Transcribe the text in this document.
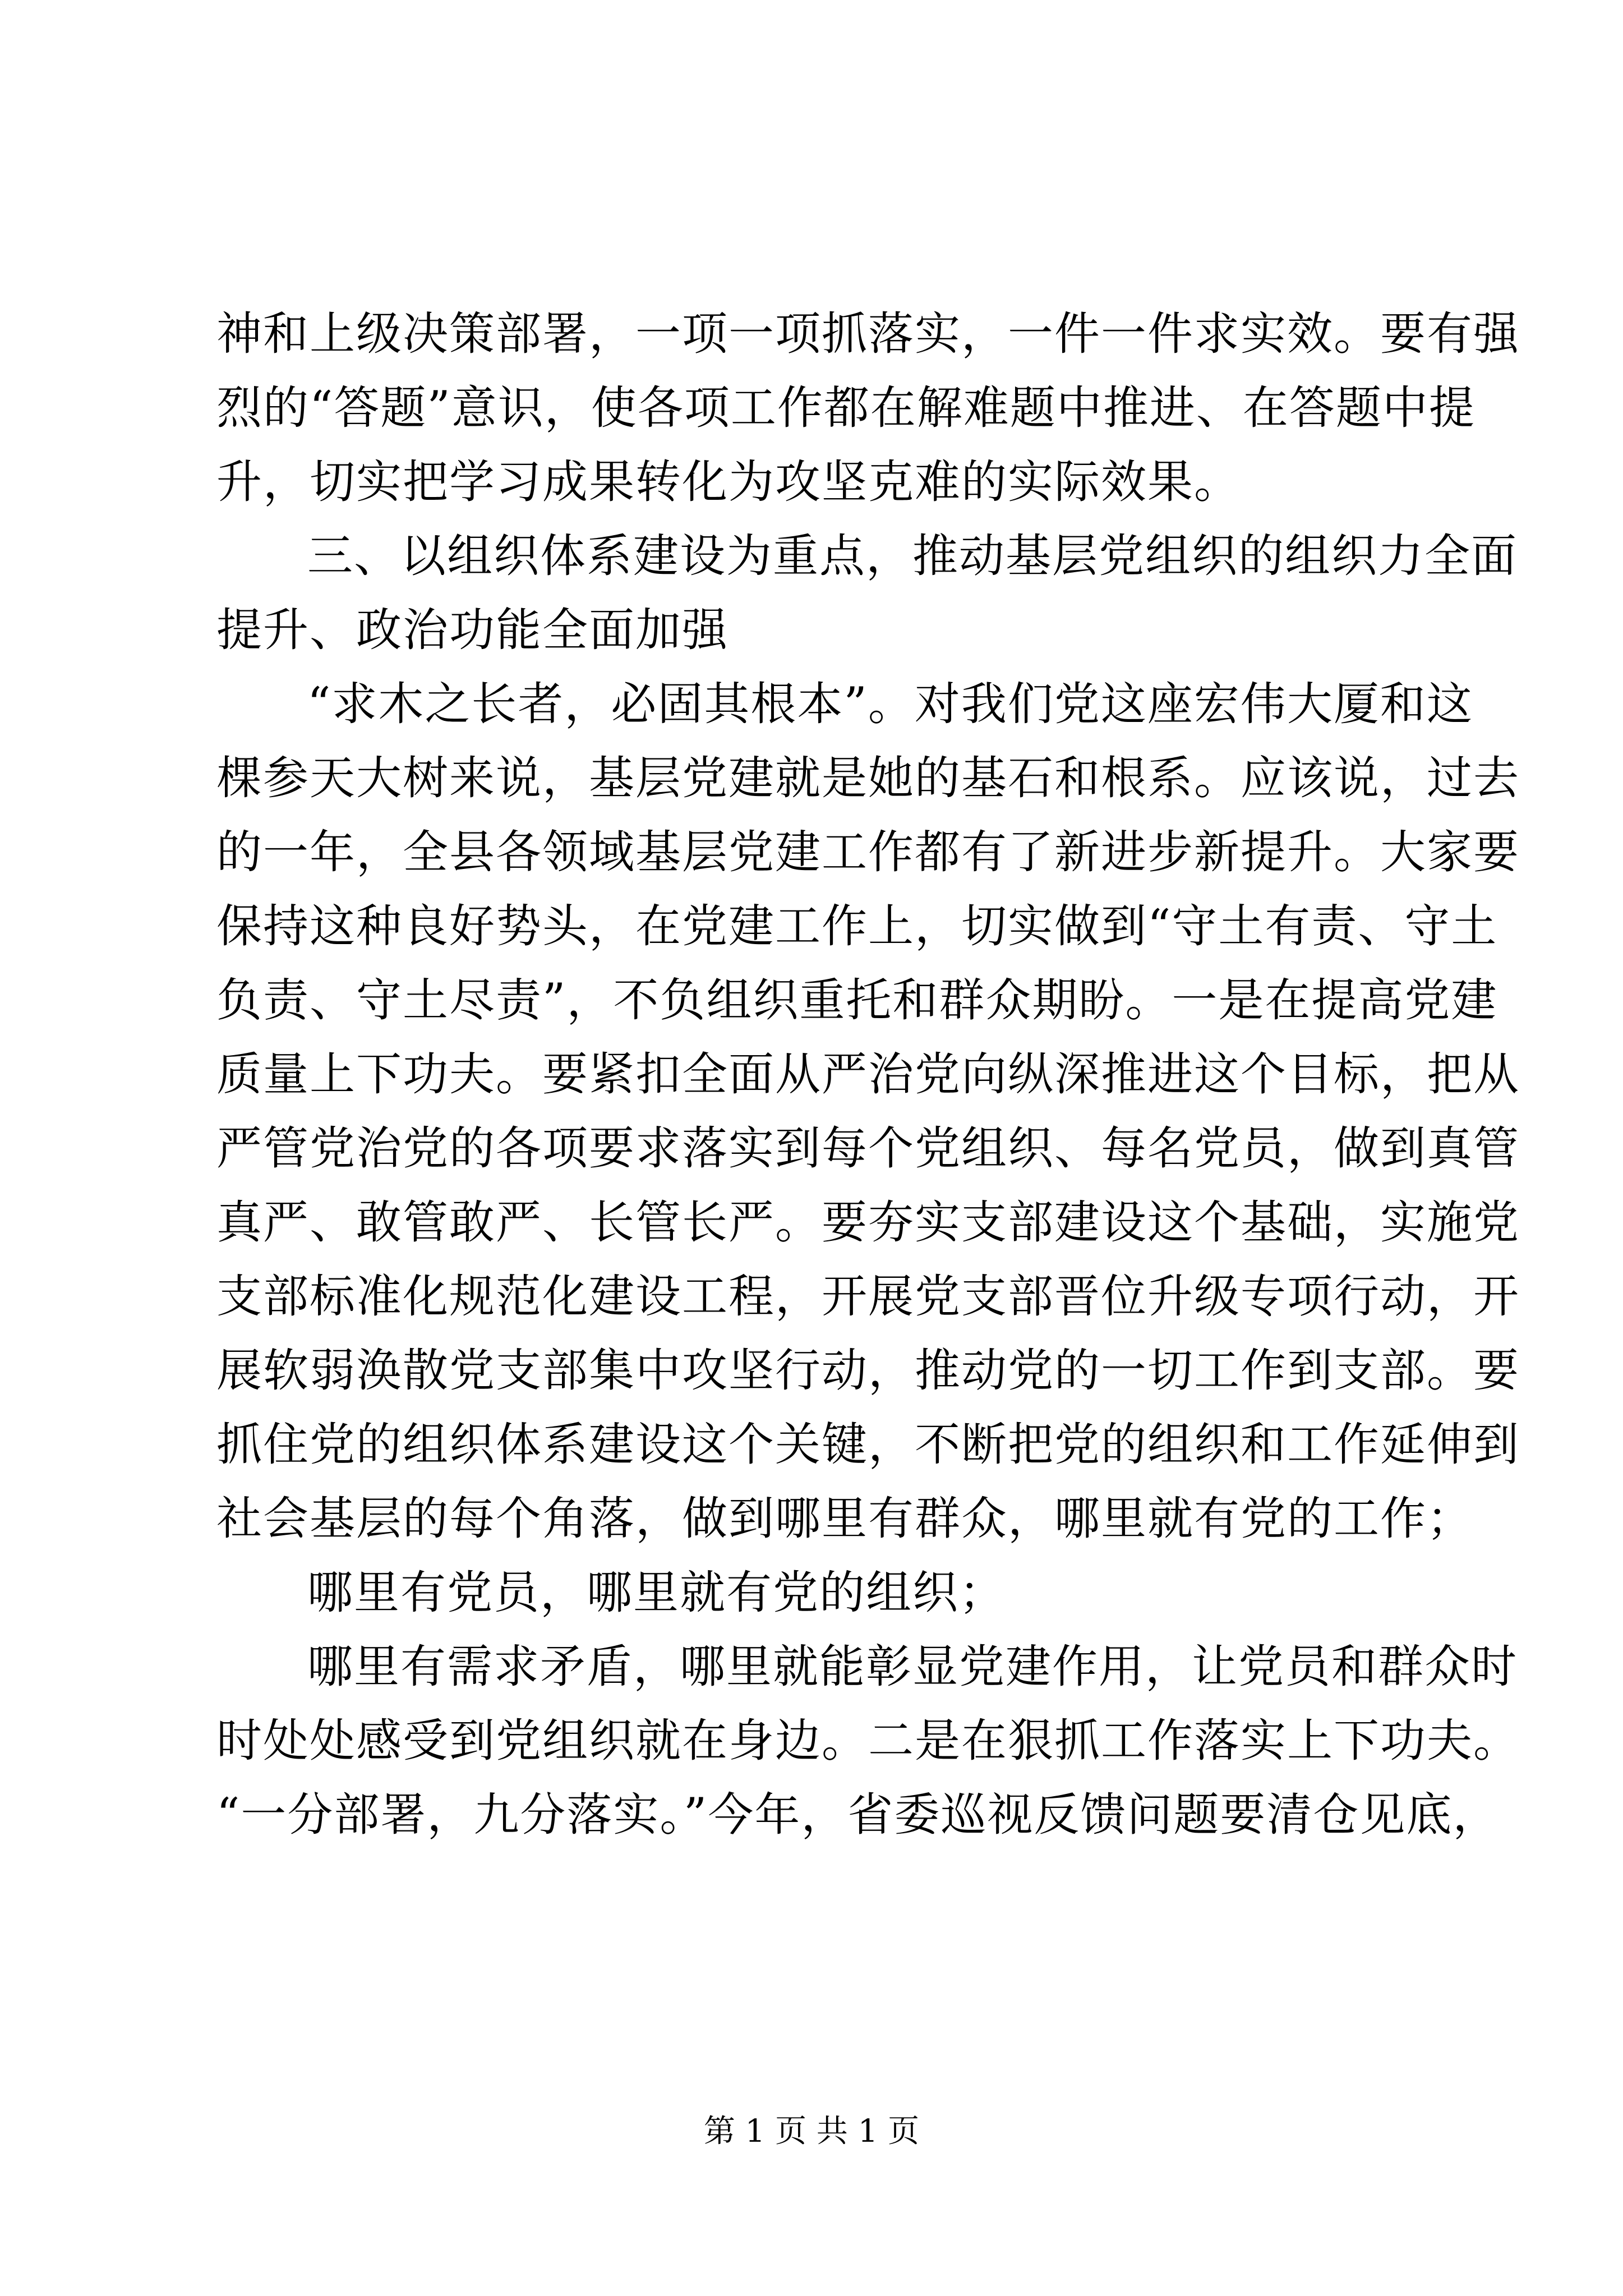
神和上级决策部署，一项一项抓落实，一件一件求实效。要有强
烈的“答题”意识，使各项工作都在解难题中推进、在答题中提
升，切实把学习成果转化为攻坚克难的实际效果。
三、以组织体系建设为重点，推动基层党组织的组织力全面
提升、政治功能全面加强
“求木之长者，必固其根本”。对我们党这座宏伟大厦和这
棵参天大树来说，基层党建就是她的基石和根系。应该说，过去
的一年，全县各领域基层党建工作都有了新进步新提升。大家要
保持这种良好势头，在党建工作上，切实做到“守土有责、守土
负责、守土尽责”，不负组织重托和群众期盼。一是在提高党建
质量上下功夫。要紧扣全面从严治党向纵深推进这个目标，把从
严管党治党的各项要求落实到每个党组织、每名党员，做到真管
真严、敢管敢严、长管长严。要夯实支部建设这个基础，实施党
支部标准化规范化建设工程，开展党支部晋位升级专项行动，开
展软弱涣散党支部集中攻坚行动，推动党的一切工作到支部。要
抓住党的组织体系建设这个关键，不断把党的组织和工作延伸到
社会基层的每个角落，做到哪里有群众，哪里就有党的工作；
哪里有党员，哪里就有党的组织；
哪里有需求矛盾，哪里就能彰显党建作用，让党员和群众时
时处处感受到党组织就在身边。二是在狠抓工作落实上下功夫。
“一分部署，九分落实。”今年，省委巡视反馈问题要清仓见底，
第 1 页 共 1 页
